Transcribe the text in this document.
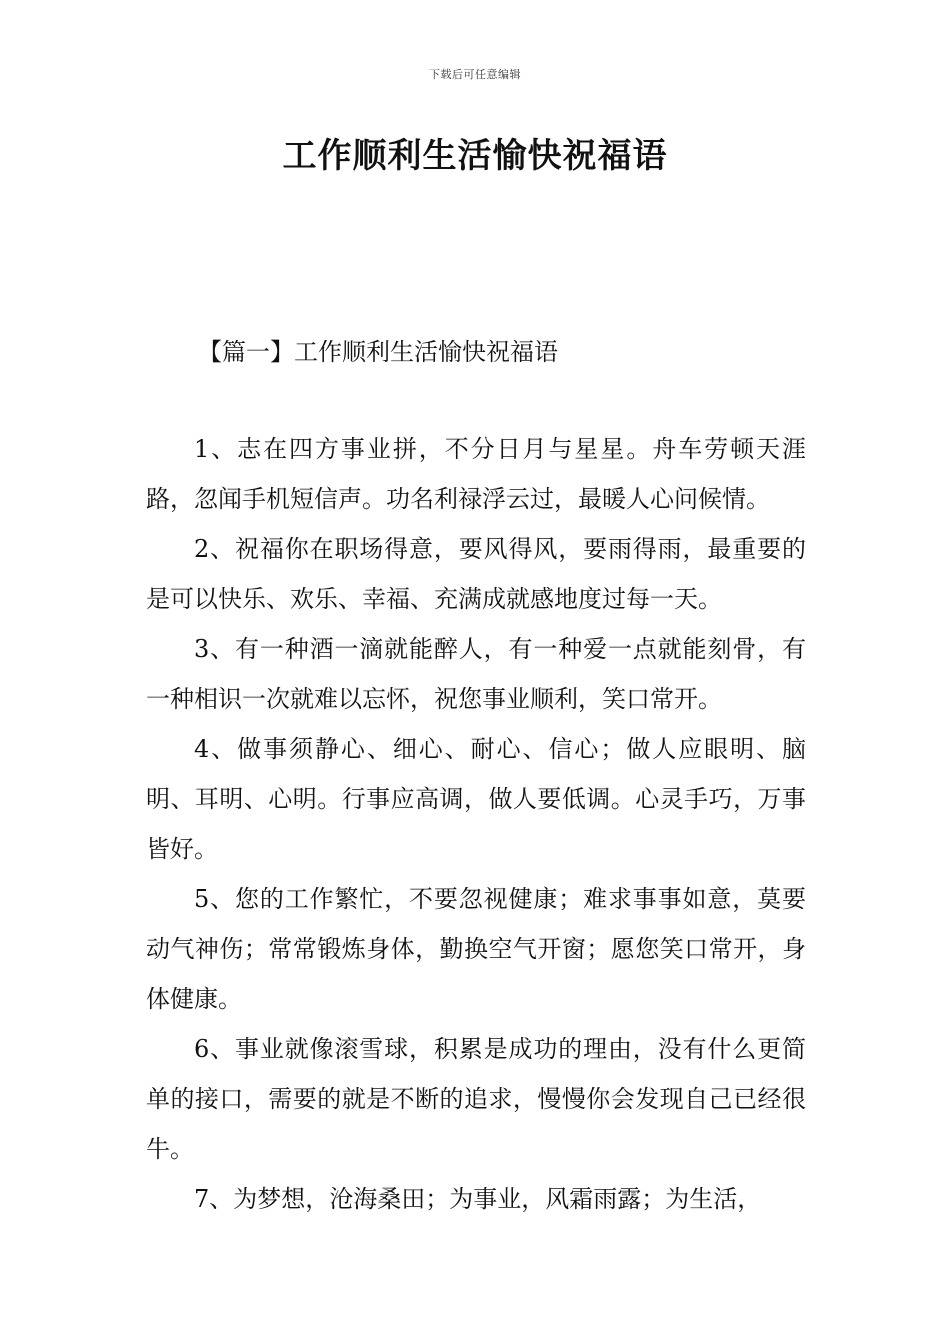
下载后可任意编辑
工作顺利生活愉快祝福语
【篇一】工作顺利生活愉快祝福语

1、志在四方事业拼，不分日月与星星。舟车劳顿天涯路，忽闻手机短信声。功名利禄浮云过，最暖人心问候情。

2、祝福你在职场得意，要风得风，要雨得雨，最重要的是可以快乐、欢乐、幸福、充满成就感地度过每一天。

3、有一种酒一滴就能醉人，有一种爱一点就能刻骨，有一种相识一次就难以忘怀，祝您事业顺利，笑口常开。

4、做事须静心、细心、耐心、信心；做人应眼明、脑明、耳明、心明。行事应高调，做人要低调。心灵手巧，万事皆好。

5、您的工作繁忙，不要忽视健康；难求事事如意，莫要动气神伤；常常锻炼身体，勤换空气开窗；愿您笑口常开，身体健康。

6、事业就像滚雪球，积累是成功的理由，没有什么更简单的接口，需要的就是不断的追求，慢慢你会发现自己已经很牛。

7、为梦想，沧海桑田；为事业，风霜雨露；为生活，
